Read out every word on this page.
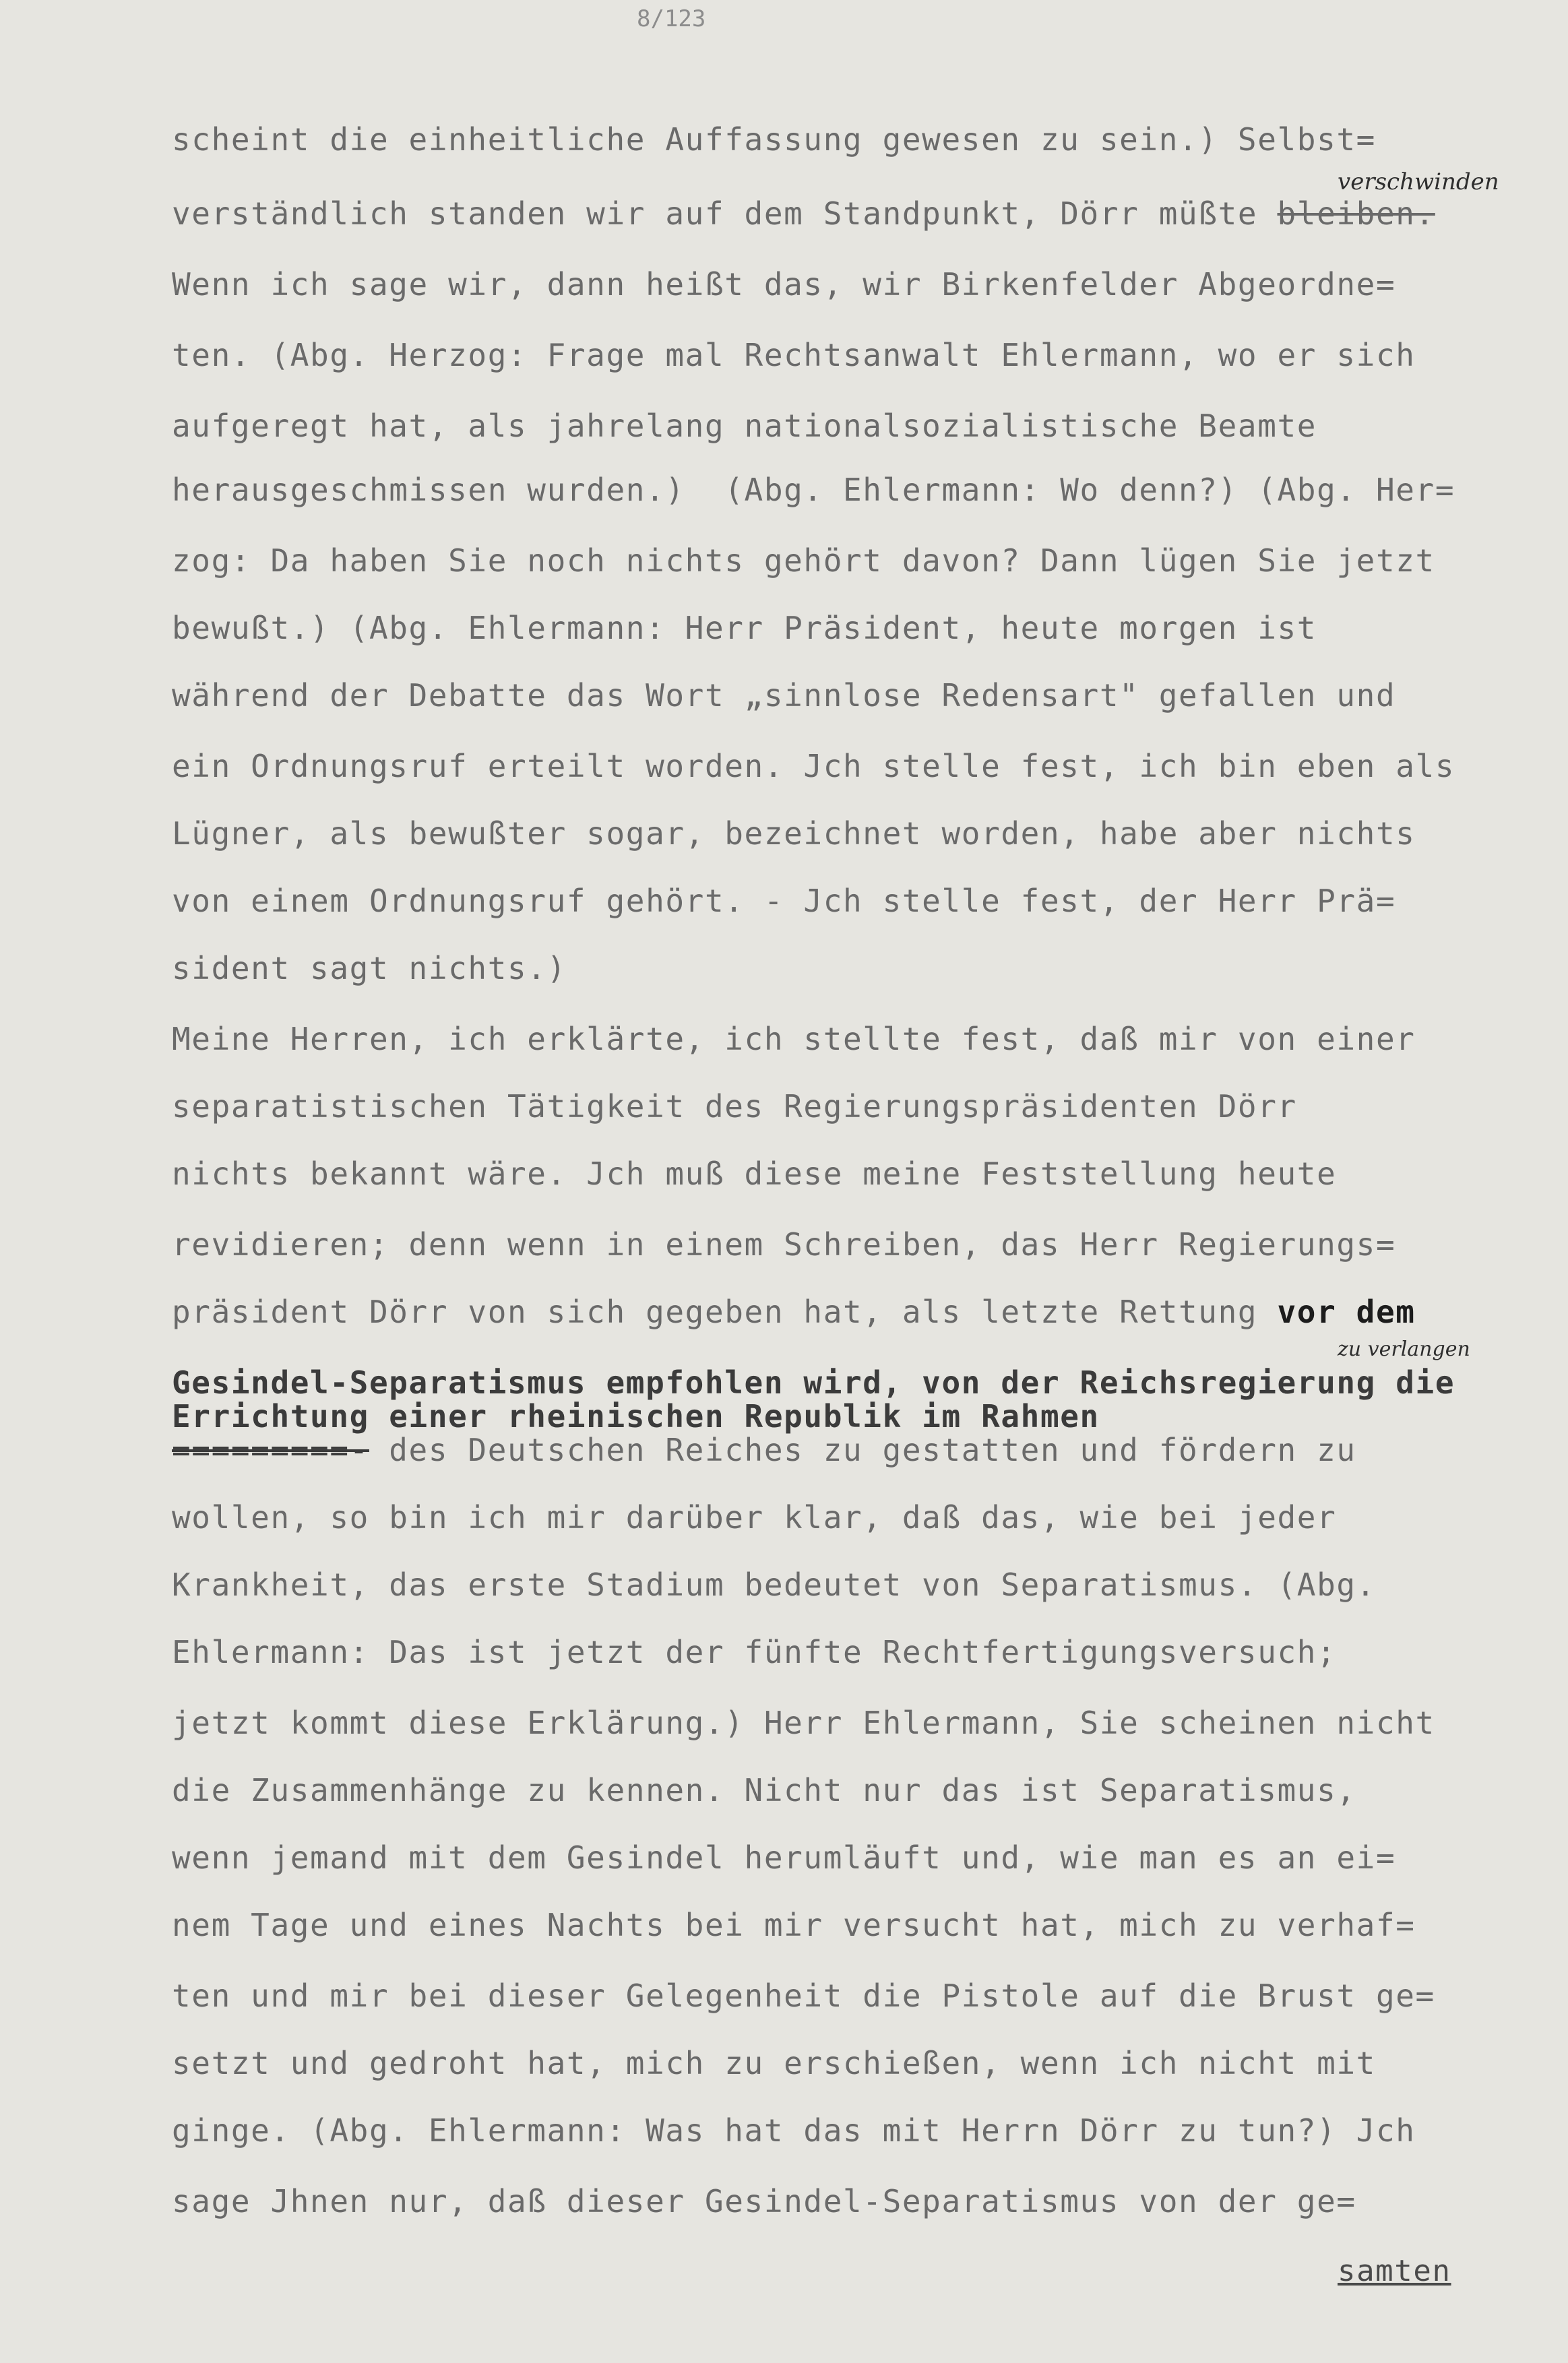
8/123
scheint die einheitliche Auffassung gewesen zu sein.) Selbst=
verständlich standen wir auf dem Standpunkt, Dörr müßte bleiben.
Wenn ich sage wir, dann heißt das, wir Birkenfelder Abgeordne=
ten. (Abg. Herzog: Frage mal Rechtsanwalt Ehlermann, wo er sich
aufgeregt hat, als jahrelang nationalsozialistische Beamte
herausgeschmissen wurden.)  (Abg. Ehlermann: Wo denn?) (Abg. Her=
zog: Da haben Sie noch nichts gehört davon? Dann lügen Sie jetzt
bewußt.) (Abg. Ehlermann: Herr Präsident, heute morgen ist
während der Debatte das Wort „sinnlose Redensart" gefallen und
ein Ordnungsruf erteilt worden. Jch stelle fest, ich bin eben als
Lügner, als bewußter sogar, bezeichnet worden, habe aber nichts
von einem Ordnungsruf gehört. - Jch stelle fest, der Herr Prä=
sident sagt nichts.)
Meine Herren, ich erklärte, ich stellte fest, daß mir von einer
separatistischen Tätigkeit des Regierungspräsidenten Dörr
nichts bekannt wäre. Jch muß diese meine Feststellung heute
revidieren; denn wenn in einem Schreiben, das Herr Regierungs=
präsident Dörr von sich gegeben hat, als letzte Rettung vor dem
Gesindel-Separatismus empfohlen wird, von der Reichsregierung die
Errichtung einer rheinischen Republik im Rahmen
=========- des Deutschen Reiches zu gestatten und fördern zu
wollen, so bin ich mir darüber klar, daß das, wie bei jeder
Krankheit, das erste Stadium bedeutet von Separatismus. (Abg.
Ehlermann: Das ist jetzt der fünfte Rechtfertigungsversuch;
jetzt kommt diese Erklärung.) Herr Ehlermann, Sie scheinen nicht
die Zusammenhänge zu kennen. Nicht nur das ist Separatismus,
wenn jemand mit dem Gesindel herumläuft und, wie man es an ei=
nem Tage und eines Nachts bei mir versucht hat, mich zu verhaf=
ten und mir bei dieser Gelegenheit die Pistole auf die Brust ge=
setzt und gedroht hat, mich zu erschießen, wenn ich nicht mit
ginge. (Abg. Ehlermann: Was hat das mit Herrn Dörr zu tun?) Jch
sage Jhnen nur, daß dieser Gesindel-Separatismus von der ge=
verschwinden
zu verlangen
samten
